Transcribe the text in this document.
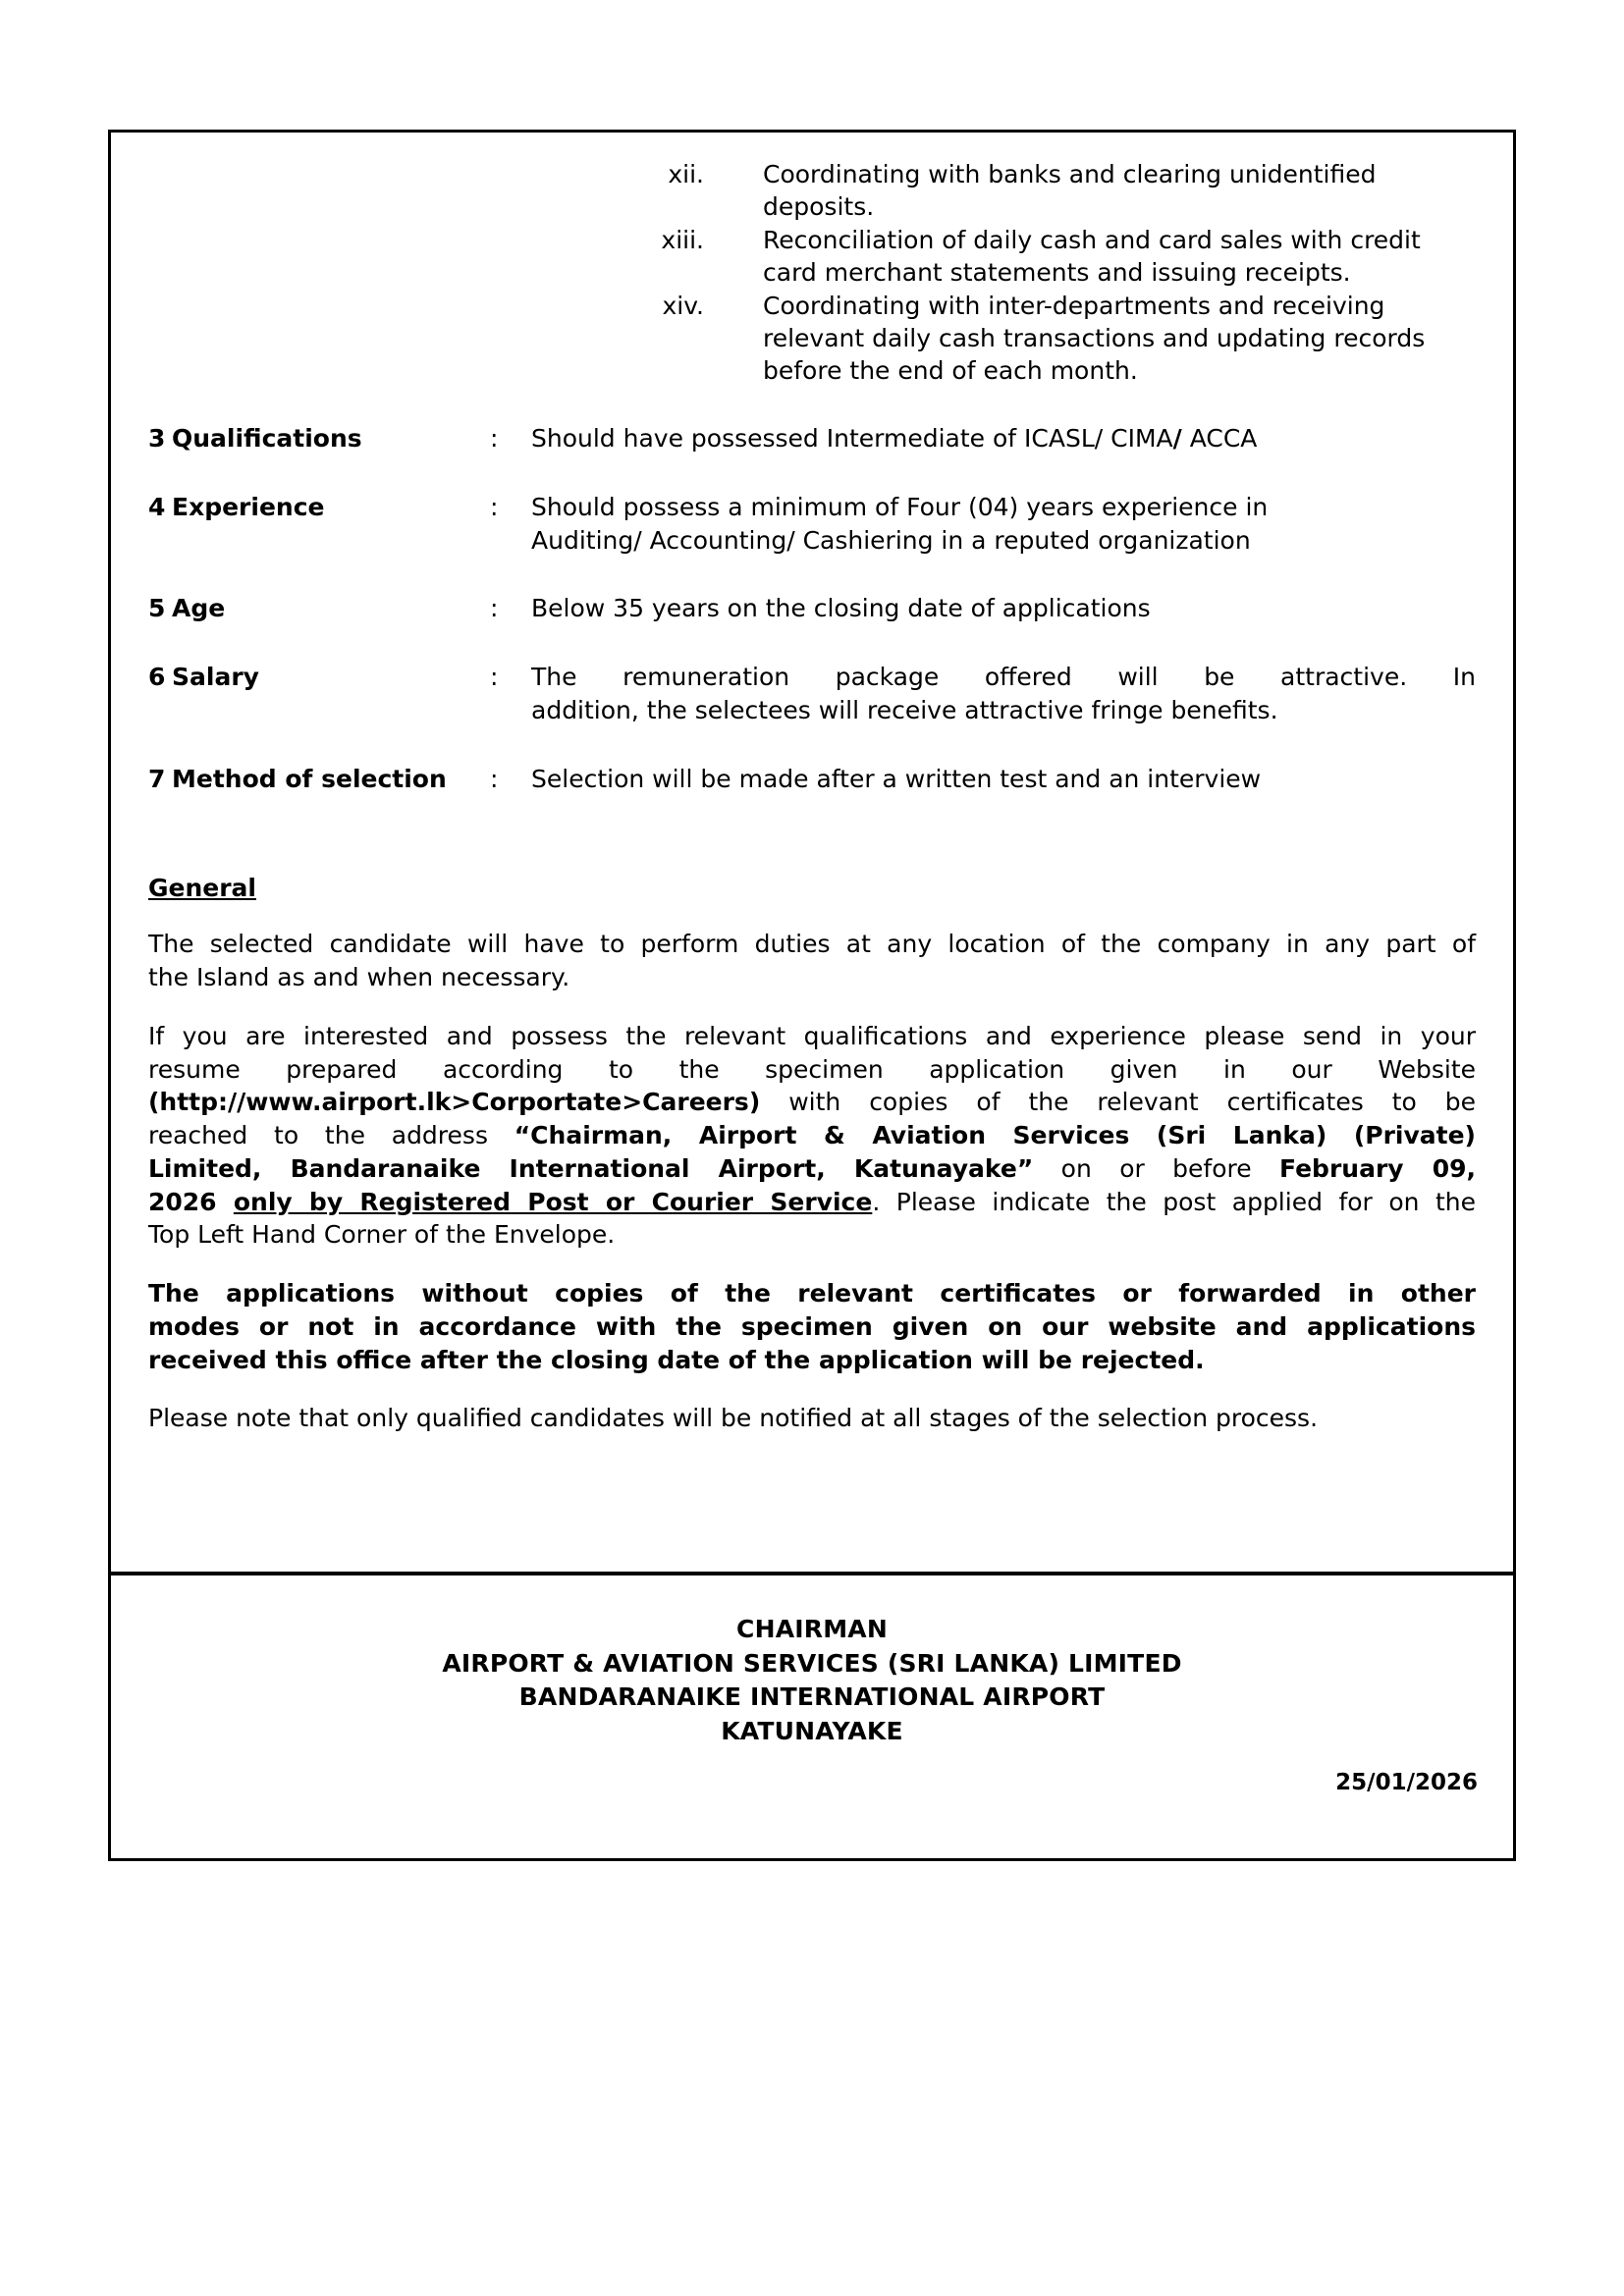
xii. Coordinating with banks and clearing unidentified
deposits.
xiii. Reconciliation of daily cash and card sales with credit
card merchant statements and issuing receipts.
xiv. Coordinating with inter-departments and receiving
relevant daily cash transactions and updating records
before the end of each month.
3 Qualifications	:	Should have possessed Intermediate of ICASL/ CIMA/ ACCA
4 Experience	:	Should possess a minimum of Four (04) years experience in
Auditing/ Accounting/ Cashiering in a reputed organization
5 Age	:	Below 35 years on the closing date of applications
6 Salary	:	The remuneration package offered will be attractive. In
addition, the selectees will receive attractive fringe benefits.
7 Method of selection :	Selection will be made after a written test and an interview
General
The selected candidate will have to perform duties at any location of the company in any part of
the Island as and when necessary.
If you are interested and possess the relevant qualifications and experience please send in your
resume prepared according to the specimen application given in our Website
(http://www.airport.lk>Corportate>Careers) with copies of the relevant certificates to be
reached to the address “Chairman, Airport & Aviation Services (Sri Lanka) (Private)
Limited, Bandaranaike International Airport, Katunayake” on or before February 09,
2026 only by Registered Post or Courier Service. Please indicate the post applied for on the
Top Left Hand Corner of the Envelope.
The applications without copies of the relevant certificates or forwarded in other
modes or not in accordance with the specimen given on our website and applications
received this office after the closing date of the application will be rejected.
Please note that only qualified candidates will be notified at all stages of the selection process.
CHAIRMAN
AIRPORT & AVIATION SERVICES (SRI LANKA) LIMITED
BANDARANAIKE INTERNATIONAL AIRPORT
KATUNAYAKE
25/01/2026
